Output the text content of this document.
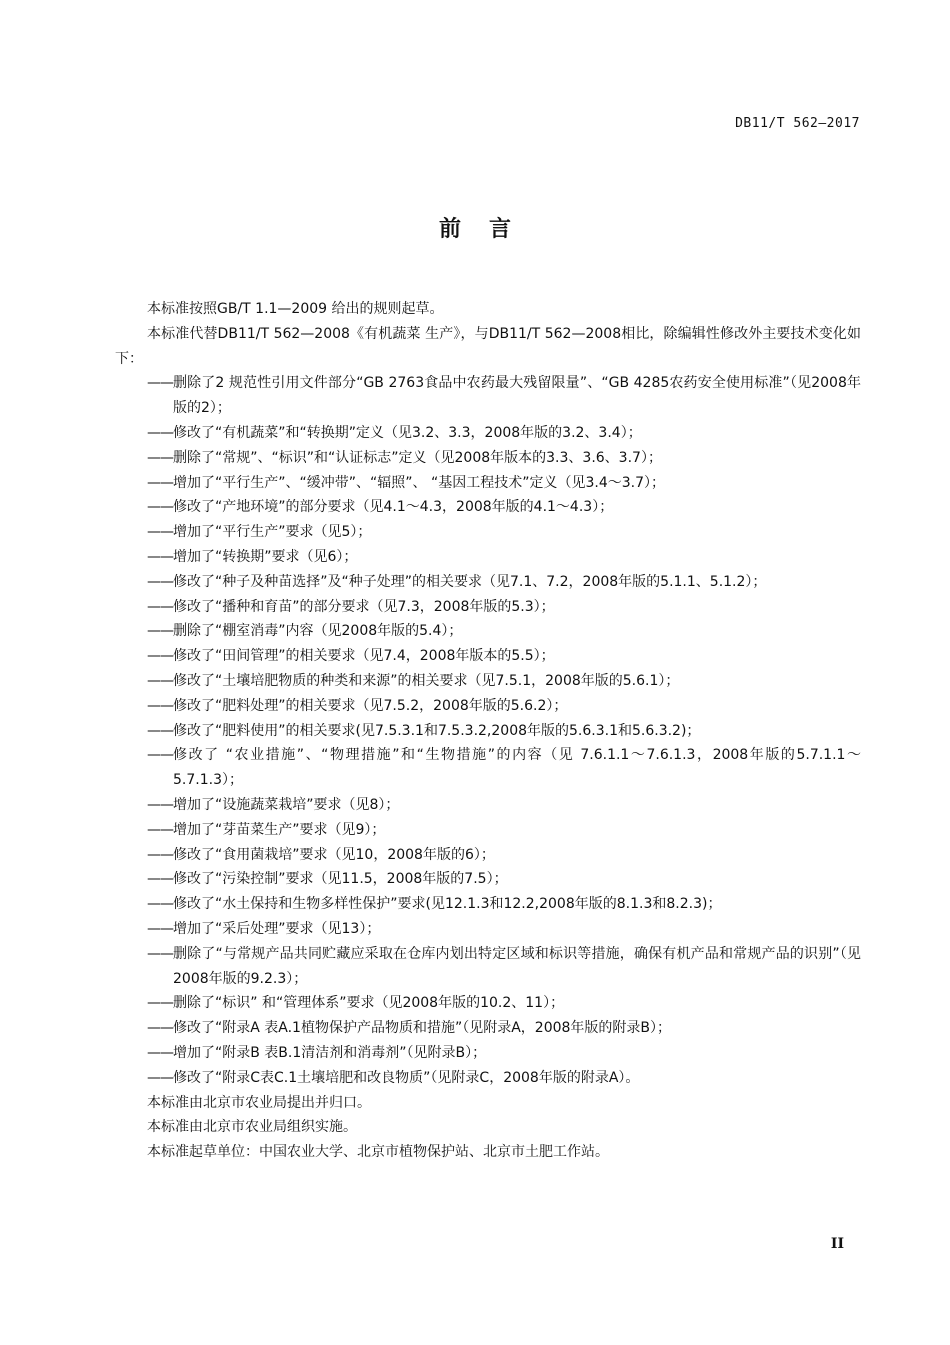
DB11/T 562—2017
前言

本标准按照GB/T 1.1—2009 给出的规则起草。

本标准代替DB11/T 562—2008《有机蔬菜 生产》，与DB11/T 562—2008相比，除编辑性修改外主要技术变化如下：

—— 删除了2 规范性引用文件部分“GB 2763食品中农药最大残留限量”、“GB 4285农药安全使用标准”（见2008年版的2）；
—— 修改了“有机蔬菜”和“转换期”定义（见3.2、3.3，2008年版的3.2、3.4）；
—— 删除了“常规”、“标识”和“认证标志”定义（见2008年版本的3.3、3.6、3.7）；
—— 增加了“平行生产”、“缓冲带”、“辐照”、 “基因工程技术”定义（见3.4～3.7）；
—— 修改了“产地环境”的部分要求（见4.1～4.3，2008年版的4.1～4.3）；
—— 增加了“平行生产”要求（见5）；
—— 增加了“转换期”要求（见6）；
—— 修改了“种子及种苗选择”及“种子处理”的相关要求（见7.1、7.2，2008年版的5.1.1、5.1.2）；
—— 修改了“播种和育苗”的部分要求（见7.3，2008年版的5.3）；
—— 删除了“棚室消毒”内容（见2008年版的5.4）；
—— 修改了“田间管理”的相关要求（见7.4，2008年版本的5.5）；
—— 修改了“土壤培肥物质的种类和来源”的相关要求（见7.5.1，2008年版的5.6.1）；
—— 修改了“肥料处理”的相关要求（见7.5.2，2008年版的5.6.2）；
—— 修改了“肥料使用”的相关要求(见7.5.3.1和7.5.3.2,2008年版的5.6.3.1和5.6.3.2)；
—— 修改了 “农业措施”、“物理措施”和“生物措施”的内容（见 7.6.1.1～7.6.1.3，2008年版的5.7.1.1～5.7.1.3）；
—— 增加了“设施蔬菜栽培”要求（见8）；
—— 增加了“芽苗菜生产”要求（见9）；
—— 修改了“食用菌栽培”要求（见10，2008年版的6）；
—— 修改了“污染控制”要求（见11.5，2008年版的7.5）；
—— 修改了“水土保持和生物多样性保护”要求(见12.1.3和12.2,2008年版的8.1.3和8.2.3)；
—— 增加了“采后处理”要求（见13）；
—— 删除了“与常规产品共同贮藏应采取在仓库内划出特定区域和标识等措施，确保有机产品和常规产品的识别”（见2008年版的9.2.3）；
—— 删除了“标识” 和“管理体系”要求（见2008年版的10.2、11）；
—— 修改了“附录A 表A.1植物保护产品物质和措施”（见附录A，2008年版的附录B）；
—— 增加了“附录B 表B.1清洁剂和消毒剂”（见附录B）；
—— 修改了“附录C表C.1土壤培肥和改良物质”（见附录C，2008年版的附录A）。

本标准由北京市农业局提出并归口。

本标准由北京市农业局组织实施。

本标准起草单位：中国农业大学、北京市植物保护站、北京市土肥工作站。

II
